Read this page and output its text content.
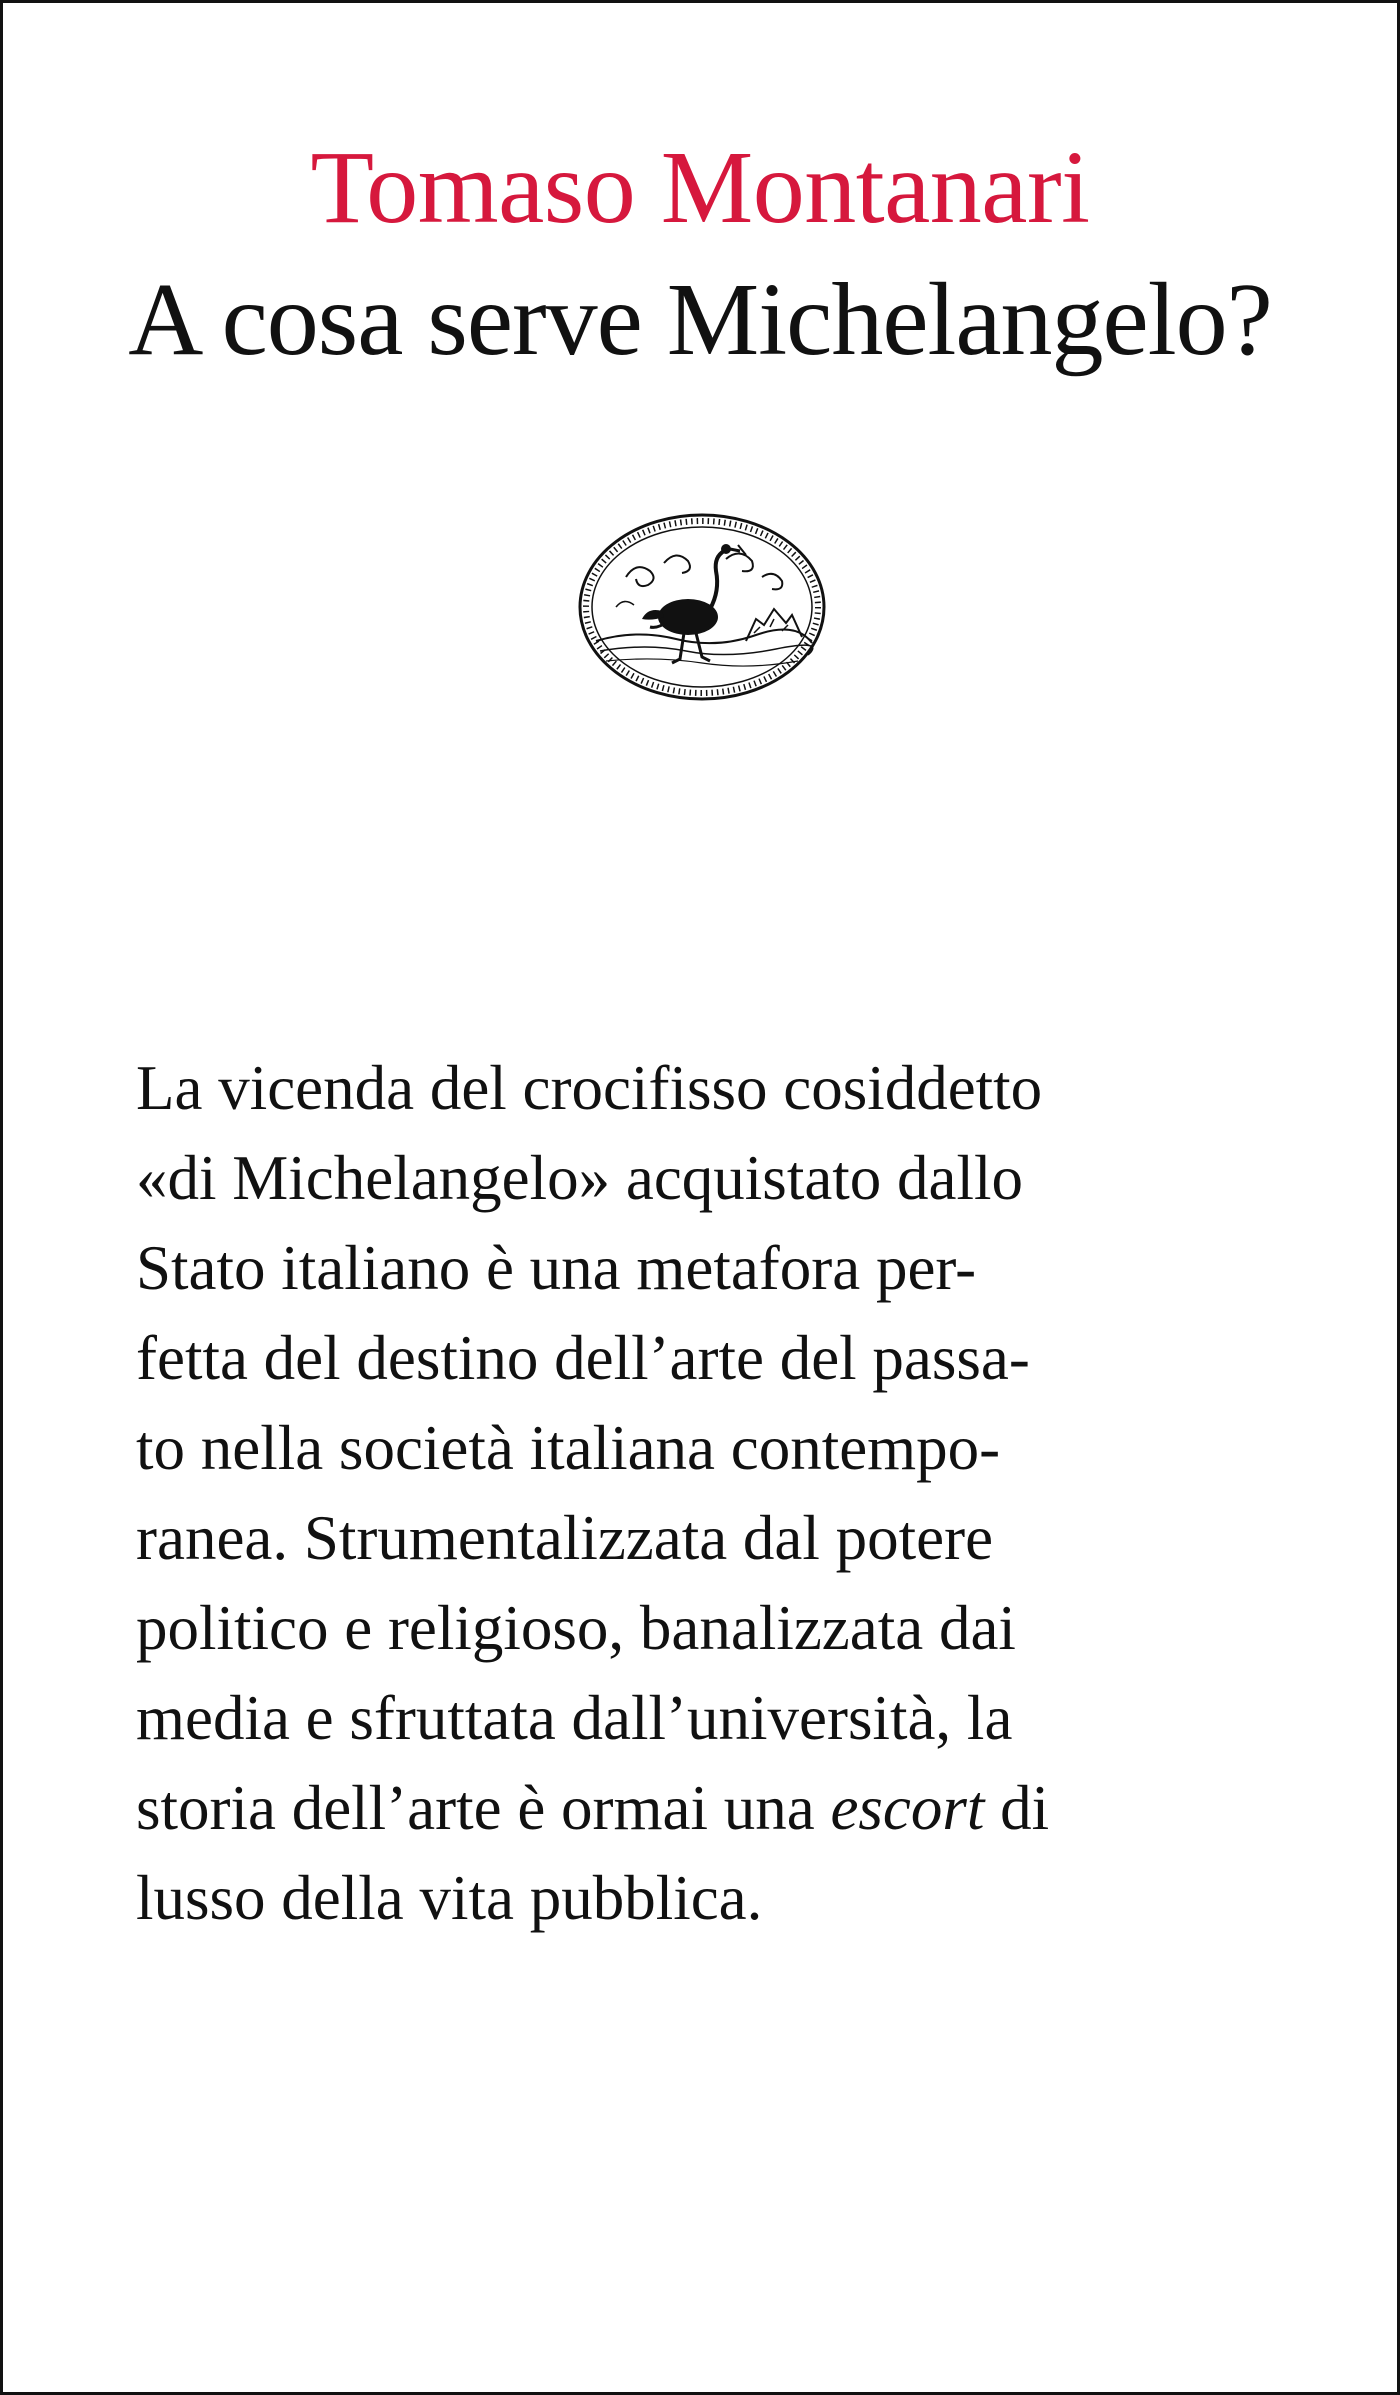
Tomaso Montanari
A cosa serve Michelangelo?
La vicenda del crocifisso cosiddetto
«di Michelangelo» acquistato dallo
Stato italiano è una metafora per-
fetta del destino dell’arte del passa-
to nella società italiana contempo-
ranea. Strumentalizzata dal potere
politico e religioso, banalizzata dai
media e sfruttata dall’università, la
storia dell’arte è ormai una escort di
lusso della vita pubblica.
